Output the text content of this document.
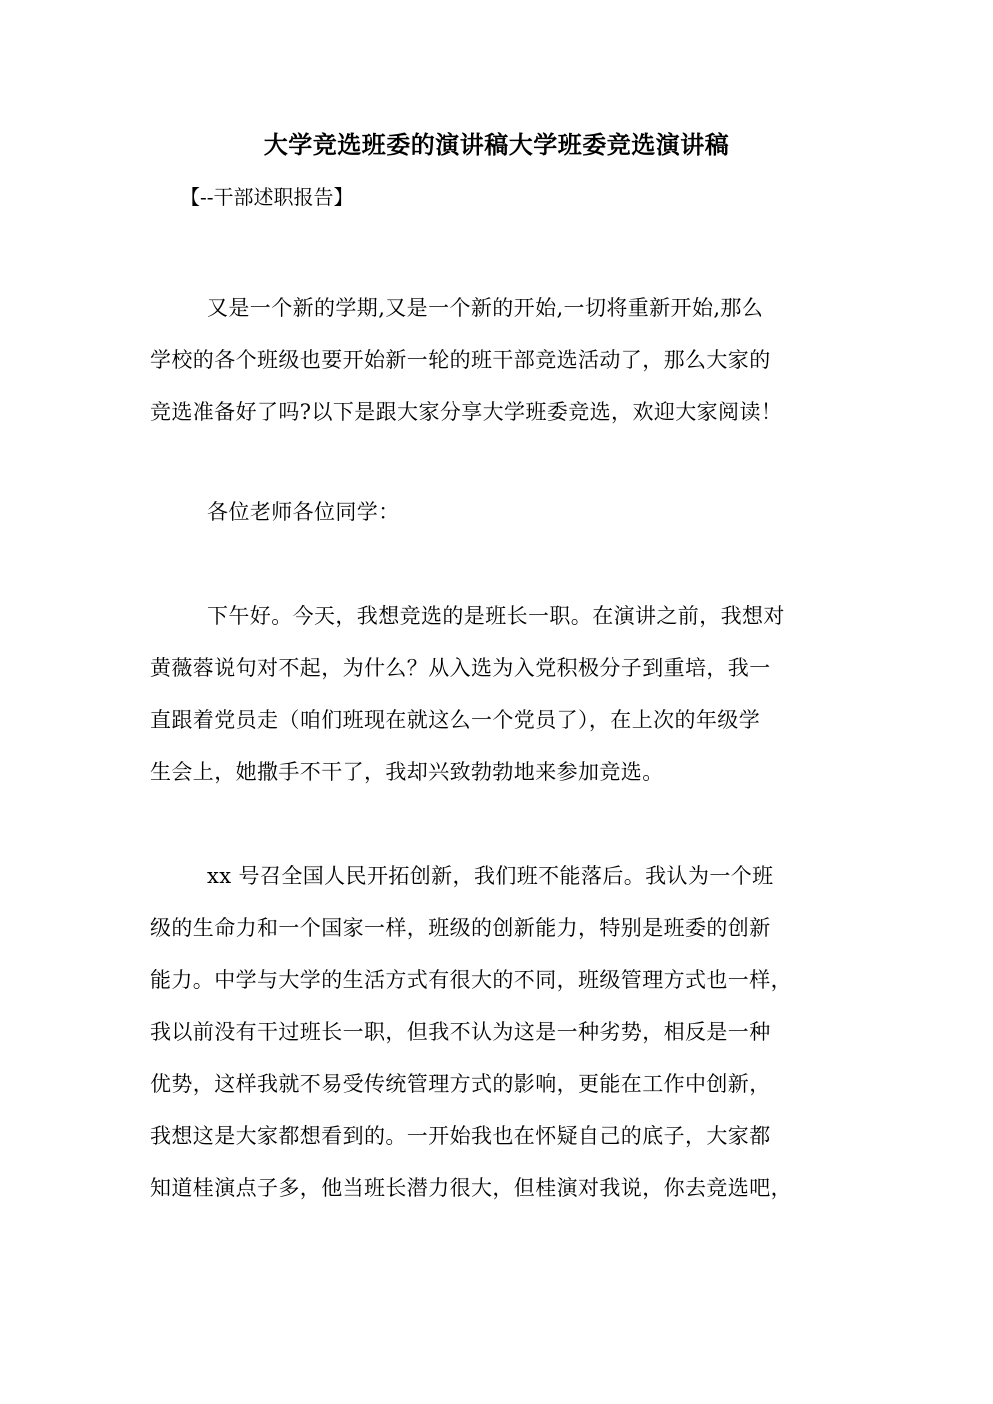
大学竞选班委的演讲稿大学班委竞选演讲稿
【--干部述职报告】
又是一个新的学期,又是一个新的开始,一切将重新开始,那么
学校的各个班级也要开始新一轮的班干部竞选活动了，那么大家的
竞选准备好了吗?以下是跟大家分享大学班委竞选，欢迎大家阅读！
各位老师各位同学：
下午好。今天，我想竞选的是班长一职。在演讲之前，我想对
黄薇蓉说句对不起，为什么？从入选为入党积极分子到重培，我一
直跟着党员走（咱们班现在就这么一个党员了），在上次的年级学
生会上，她撒手不干了，我却兴致勃勃地来参加竞选。
xx 号召全国人民开拓创新，我们班不能落后。我认为一个班
级的生命力和一个国家一样，班级的创新能力，特别是班委的创新
能力。中学与大学的生活方式有很大的不同，班级管理方式也一样，
我以前没有干过班长一职，但我不认为这是一种劣势，相反是一种
优势，这样我就不易受传统管理方式的影响，更能在工作中创新，
我想这是大家都想看到的。一开始我也在怀疑自己的底子，大家都
知道桂演点子多，他当班长潜力很大，但桂演对我说，你去竞选吧，
